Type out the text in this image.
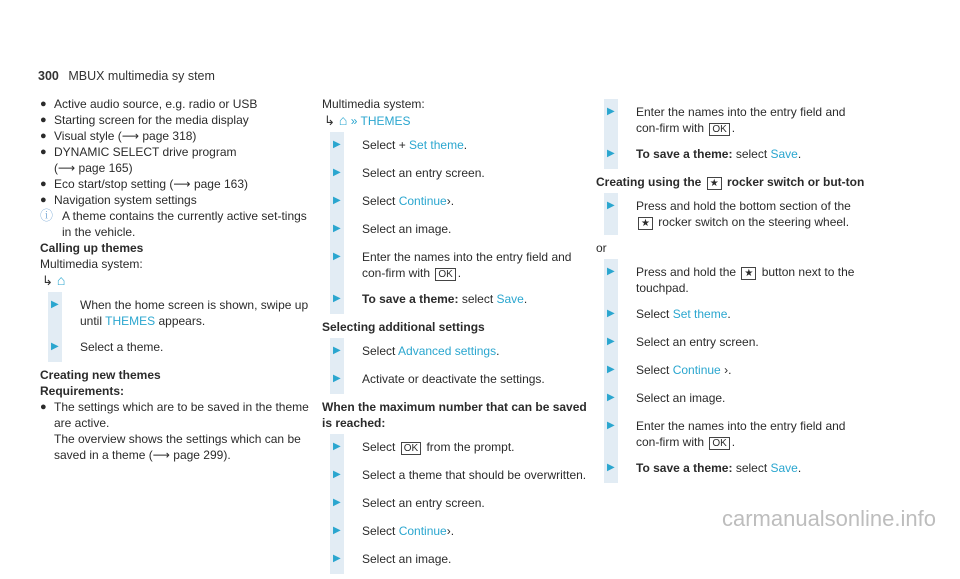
300 MBUX multimedia sy stem

● Active audio source, e.g. radio or USB

● Starting screen for the media display

● Visual style (⟶ page 318)

● DYNAMIC SELECT drive program
(⟶ page 165)

● Eco start/stop setting (⟶ page 163)

● Navigation system settings

ⓘ A theme contains the currently active set‑tings in the vehicle.

Calling up themes

Multimedia system:

↳ ⌂

▶ When the home screen is shown, swipe up until THEMES appears.
▶ Select a theme.

Creating new themes

Requirements:

● The settings which are to be saved in the theme are active.
The overview shows the settings which can be saved in a theme (⟶ page 299).

Multimedia system:

↳ ⌂ » THEMES

▶ Select + Set theme.
▶ Select an entry screen.
▶ Select Continue›.
▶ Select an image.
▶ Enter the names into the entry field and con-firm with OK .
▶ To save a theme: select Save.

Selecting additional settings

▶ Select Advanced settings.
▶ Activate or deactivate the settings.

When the maximum number that can be saved is reached:

▶ Select OK from the prompt.
▶ Select a theme that should be overwritten.
▶ Select an entry screen.
▶ Select Continue›.
▶ Select an image.
▶ Enter the names into the entry field and con-firm with OK .
▶ To save a theme: select Save.

Creating using the ★ rocker switch or but-ton

▶ Press and hold the bottom section of the ★ rocker switch on the steering wheel.

or

▶ Press and hold the ★ button next to the touchpad.
▶ Select Set theme.
▶ Select an entry screen.
▶ Select Continue ›.
▶ Select an image.
▶ Enter the names into the entry field and con-firm with OK .
▶ To save a theme: select Save.
carmanualsonline.info
